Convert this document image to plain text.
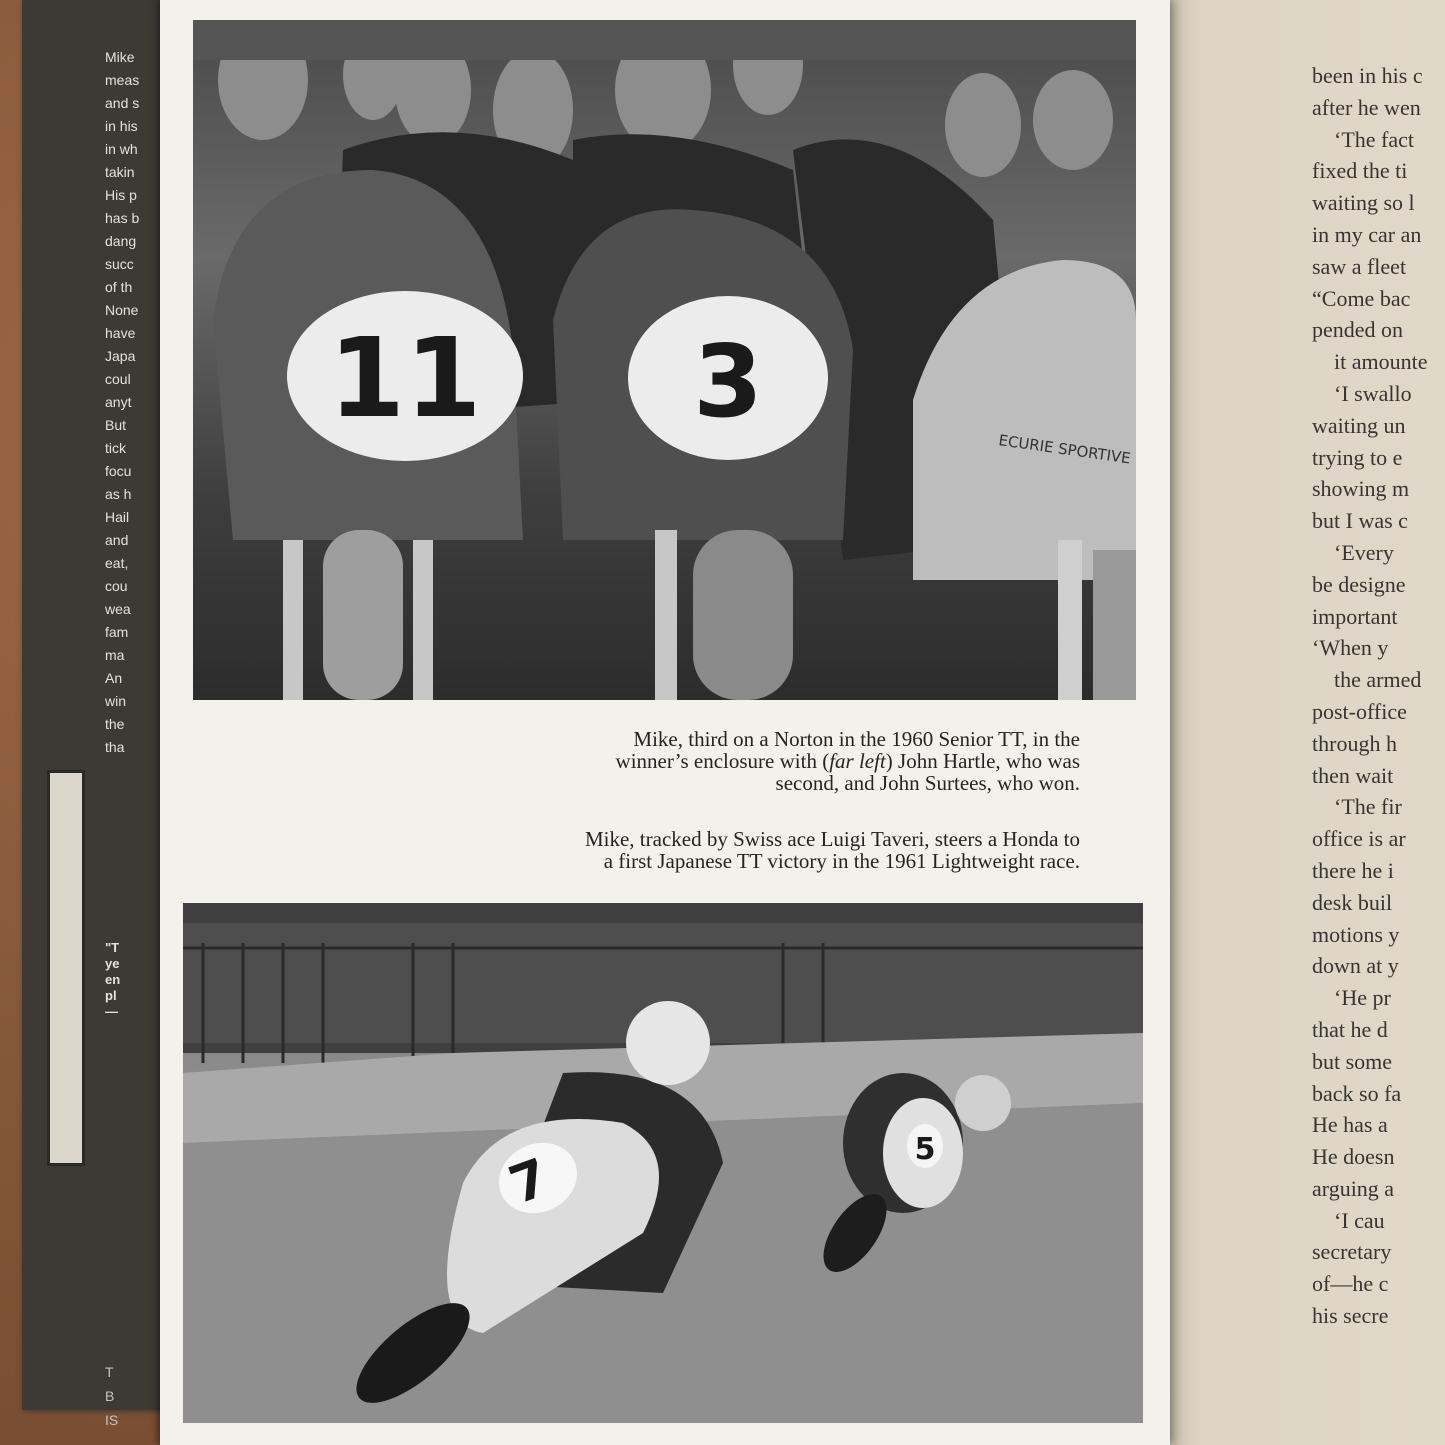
Mike
meas
and s
in his
in wh
takin
His p
has b
dang
succ
of th
None
have
Japa
coul
anyt
But
tick
focu
as h
Hail
and
eat,
cou
wea
fam
ma
An
win
the
tha
"T
ye
en
pl
—
T
B
IS
been in his c
after he wen
‘The fact
fixed the ti
waiting so l
in my car an
saw a fleet
“Come bac
pended on
it amounte
‘I swallo
waiting un
trying to e
showing m
but I was c
‘Every
be designe
important
‘When y
the armed
post-office
through h
then wait
‘The fir
office is ar
there he i
desk buil
motions y
down at y
‘He pr
that he d
but some
back so fa
He has a
He doesn
arguing a
‘I cau
secretary
of—he c
his secre
11 3
ECURIE SPORTIVE
Mike, third on a Norton in the 1960 Senior TT, in the
winner’s enclosure with (far left) John Hartle, who was
second, and John Surtees, who won.
Mike, tracked by Swiss ace Luigi Taveri, steers a Honda to
a first Japanese TT victory in the 1961 Lightweight race.
5
7
